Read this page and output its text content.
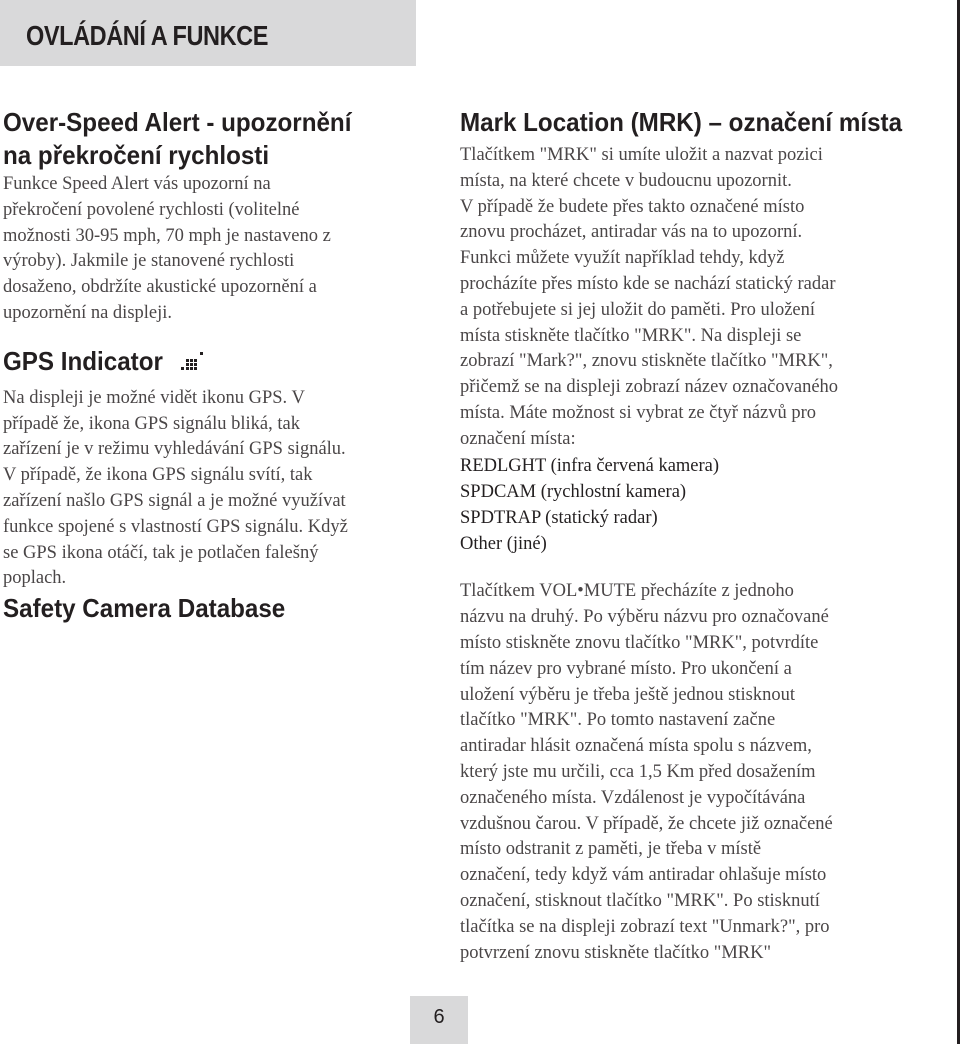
OVLÁDÁNÍ A FUNKCE
Over-Speed Alert - upozornění
na překročení rychlosti

Funkce Speed Alert vás upozorní na
překročení povolené rychlosti (volitelné
možnosti 30-95 mph, 70 mph je nastaveno z
výroby). Jakmile je stanovené rychlosti
dosaženo, obdržíte akustické upozornění a
upozornění na displeji.

GPS Indicator

Na displeji je možné vidět ikonu GPS. V
případě že, ikona GPS signálu bliká, tak
zařízení je v režimu vyhledávání GPS signálu.
V případě, že ikona GPS signálu svítí, tak
zařízení našlo GPS signál a je možné využívat
funkce spojené s vlastností GPS signálu. Když
se GPS ikona otáčí, tak je potlačen falešný
poplach.

Safety Camera Database
Mark Location (MRK) – označení místa

Tlačítkem "MRK" si umíte uložit a nazvat pozici
místa, na které chcete v budoucnu upozornit.
V případě že budete přes takto označené místo
znovu procházet, antiradar vás na to upozorní.
Funkci můžete využít například tehdy, když
procházíte přes místo kde se nachází statický radar
a potřebujete si jej uložit do paměti. Pro uložení
místa stiskněte tlačítko "MRK". Na displeji se
zobrazí "Mark?", znovu stiskněte tlačítko "MRK",
přičemž se na displeji zobrazí název označovaného
místa. Máte možnost si vybrat ze čtyř názvů pro
označení místa:

REDLGHT (infra červená kamera)
SPDCAM (rychlostní kamera)
SPDTRAP (statický radar)
Other (jiné)

Tlačítkem VOL•MUTE přecházíte z jednoho
názvu na druhý. Po výběru názvu pro označované
místo stiskněte znovu tlačítko "MRK", potvrdíte
tím název pro vybrané místo. Pro ukončení a
uložení výběru je třeba ještě jednou stisknout
tlačítko "MRK". Po tomto nastavení začne
antiradar hlásit označená místa spolu s názvem,
který jste mu určili, cca 1,5 Km před dosažením
označeného místa. Vzdálenost je vypočítávána
vzdušnou čarou. V případě, že chcete již označené
místo odstranit z paměti, je třeba v místě
označení, tedy když vám antiradar ohlašuje místo
označení, stisknout tlačítko "MRK". Po stisknutí
tlačítka se na displeji zobrazí text "Unmark?", pro
potvrzení znovu stiskněte tlačítko "MRK"

6
